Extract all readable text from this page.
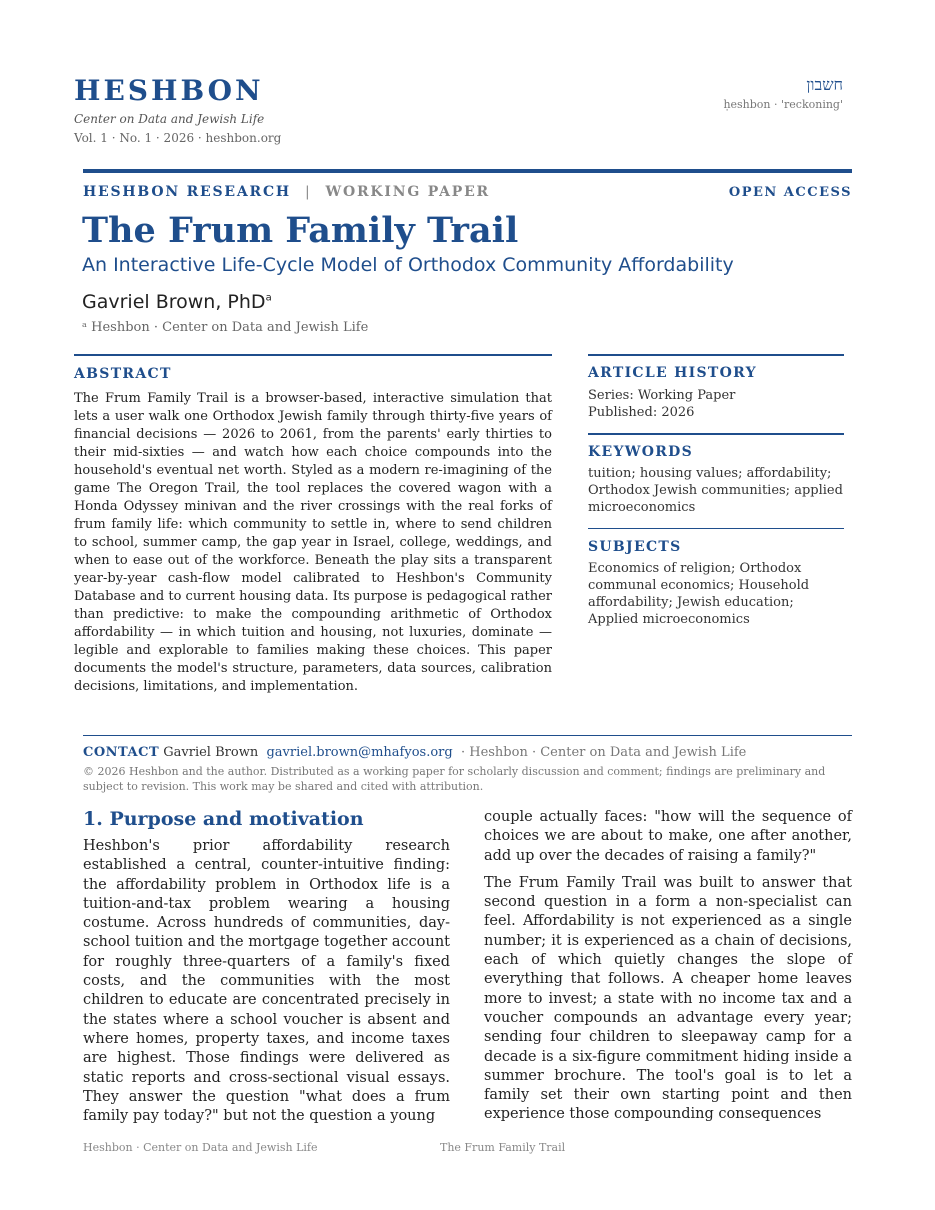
HESHBON
Center on Data and Jewish Life
Vol. 1 · No. 1 · 2026 · heshbon.org
חשבון
ḥeshbon · 'reckoning'
HESHBON RESEARCH | WORKING PAPER	OPEN ACCESS
The Frum Family Trail
An Interactive Life-Cycle Model of Orthodox Community Affordability
Gavriel Brown, PhD$^a$
ᵃ Heshbon · Center on Data and Jewish Life
ABSTRACT
The Frum Family Trail is a browser-based, interactive simulation that lets a user walk one Orthodox Jewish family through thirty-five years of financial decisions — 2026 to 2061, from the parents' early thirties to their mid-sixties — and watch how each choice compounds into the household's eventual net worth. Styled as a modern re-imagining of the game The Oregon Trail, the tool replaces the covered wagon with a Honda Odyssey minivan and the river crossings with the real forks of frum family life: which community to settle in, where to send children to school, summer camp, the gap year in Israel, college, weddings, and when to ease out of the workforce. Beneath the play sits a transparent year-by-year cash-flow model calibrated to Heshbon's Community Database and to current housing data. Its purpose is pedagogical rather than predictive: to make the compounding arithmetic of Orthodox affordability — in which tuition and housing, not luxuries, dominate — legible and explorable to families making these choices. This paper documents the model's structure, parameters, data sources, calibration decisions, limitations, and implementation.
ARTICLE HISTORY
Series: Working Paper
Published: 2026
KEYWORDS
tuition; housing values; affordability; Orthodox Jewish communities; applied microeconomics
SUBJECTS
Economics of religion; Orthodox communal economics; Household affordability; Jewish education; Applied microeconomics
CONTACT Gavriel Brown gavriel.brown@mhafyos.org · Heshbon · Center on Data and Jewish Life
© 2026 Heshbon and the author. Distributed as a working paper for scholarly discussion and comment; findings are preliminary and subject to revision. This work may be shared and cited with attribution.
1. Purpose and motivation

Heshbon's prior affordability research established a central, counter-intuitive finding: the affordability problem in Orthodox life is a tuition-and-tax problem wearing a housing costume. Across hundreds of communities, day-school tuition and the mortgage together account for roughly three-quarters of a family's fixed costs, and the communities with the most children to educate are concentrated precisely in the states where a school voucher is absent and where homes, property taxes, and income taxes are highest. Those findings were delivered as static reports and cross-sectional visual essays. They answer the question "what does a frum family pay today?" but not the question a young

couple actually faces: "how will the sequence of choices we are about to make, one after another, add up over the decades of raising a family?"

The Frum Family Trail was built to answer that second question in a form a non-specialist can feel. Affordability is not experienced as a single number; it is experienced as a chain of decisions, each of which quietly changes the slope of everything that follows. A cheaper home leaves more to invest; a state with no income tax and a voucher compounds an advantage every year; sending four children to sleepaway camp for a decade is a six-figure commitment hiding inside a summer brochure. The tool's goal is to let a family set their own starting point and then experience those compounding consequences

Heshbon · Center on Data and Jewish Life	The Frum Family Trail
